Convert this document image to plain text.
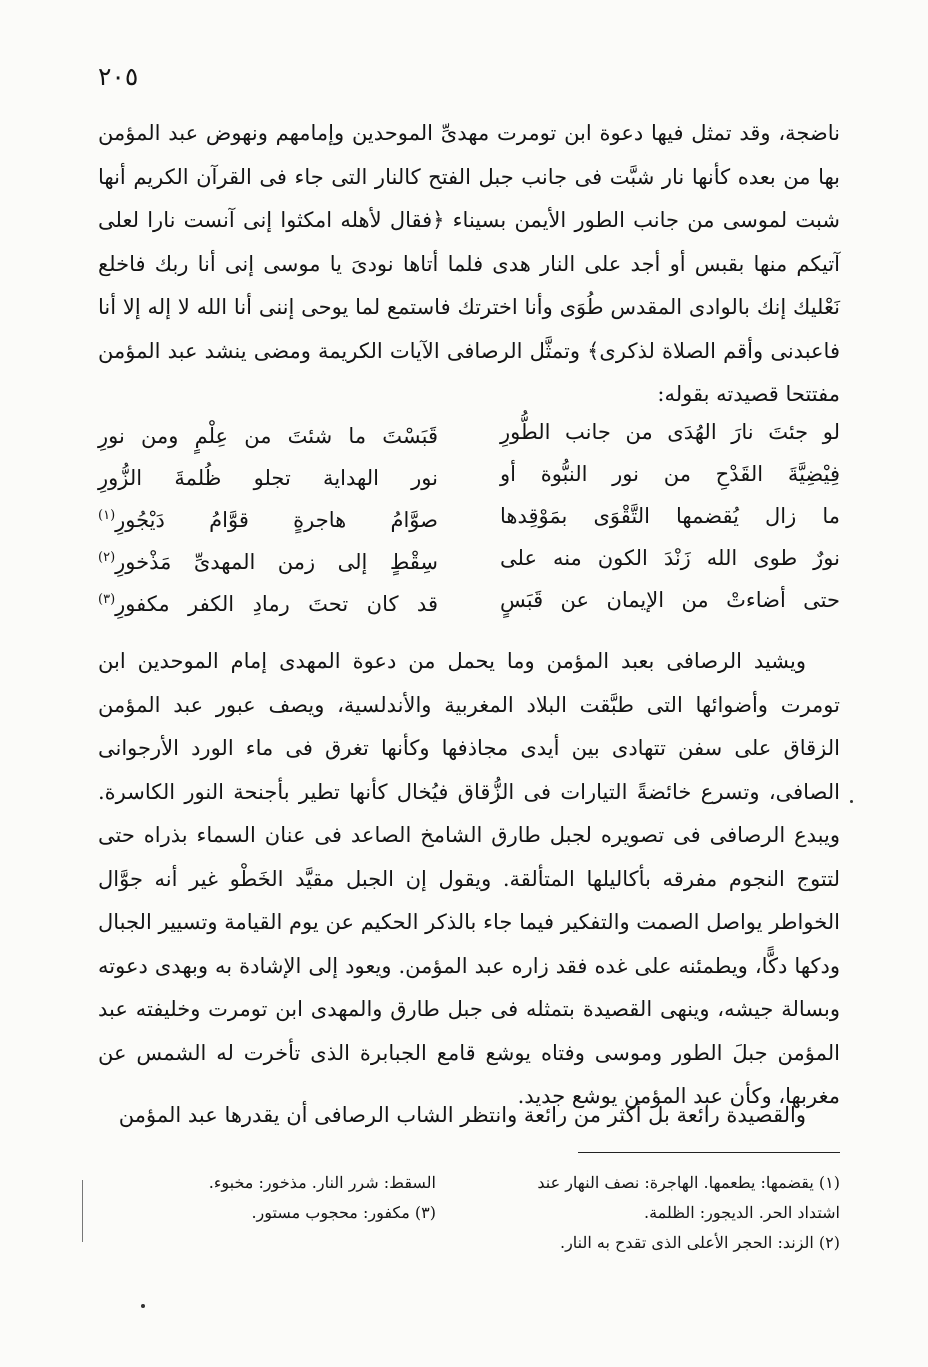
٢٠٥
ناضجة، وقد تمثل فيها دعوة ابن تومرت مهدىِّ الموحدين وإمامهم ونهوض عبد المؤمن بها من بعده كأنها نار شبَّت فى جانب جبل الفتح كالنار التى جاء فى القرآن الكريم أنها شبت لموسى من جانب الطور الأيمن بسيناء ﴿فقال لأهله امكثوا إنى آنست نارا لعلى آتيكم منها بقبس أو أجد على النار هدى فلما أتاها نودىَ يا موسى إنى أنا ربك فاخلع نَعْليك إنك بالوادى المقدس طُوَى وأنا اخترتك فاستمع لما يوحى إننى أنا الله لا إله إلا أنا فاعبدنى وأقم الصلاة لذكرى﴾ وتمثَّل الرصافى الآيات الكريمة ومضى ينشد عبد المؤمن مفتتحا قصيدته بقوله:
لو جئتَ نارَ الهُدَى من جانب الطُّورِ
قَبَسْتَ ما شئتَ من عِلْمٍ ومن نورِ
فِيْضِيَّةَ القَدْحِ من نور النبُّوة أو
نور الهداية تجلو ظُلمةَ الزُّورِ
ما زال يُقضمها التَّقْوَى بمَوْقِدها
صوَّامُ هاجرةٍ قوَّامُ دَيْجُورِ$^{(١)}$
نورٌ طوى الله زَنْدَ الكون منه على
سِقْطٍ إلى زمن المهدىِّ مَذْخورِ$^{(٢)}$
حتى أضاءتْ من الإيمان عن قَبَسٍ
قد كان تحتَ رمادِ الكفر مكفورِ$^{(٣)}$
ويشيد الرصافى بعبد المؤمن وما يحمل من دعوة المهدى إمام الموحدين ابن تومرت وأضوائها التى طبَّقت البلاد المغربية والأندلسية، ويصف عبور عبد المؤمن الزقاق على سفن تتهادى بين أيدى مجاذفها وكأنها تغرق فى ماء الورد الأرجوانى الصافى، وتسرع خائضةً التيارات فى الزُّقاق فيُخال كأنها تطير بأجنحة النور الكاسرة. ويبدع الرصافى فى تصويره لجبل طارق الشامخ الصاعد فى عنان السماء بذراه حتى لتتوج النجوم مفرقه بأكاليلها المتألقة. ويقول إن الجبل مقيَّد الخَطْو غير أنه جوَّال الخواطر يواصل الصمت والتفكير فيما جاء بالذكر الحكيم عن يوم القيامة وتسيير الجبال ودكها دكًّا، ويطمئنه على غده فقد زاره عبد المؤمن. ويعود إلى الإشادة به وبهدى دعوته وبسالة جيشه، وينهى القصيدة بتمثله فى جبل طارق والمهدى ابن تومرت وخليفته عبد المؤمن جبلَ الطور وموسى وفتاه يوشع قامع الجبابرة الذى تأخرت له الشمس عن مغربها، وكأن عبد المؤمن يوشع جديد.
والقصيدة رائعة بل أكثر من رائعة وانتظر الشاب الرصافى أن يقدرها عبد المؤمن
(١) يقضمها: يطعمها. الهاجرة: نصف النهار عند
اشتداد الحر. الديجور: الظلمة.
(٢) الزند: الحجر الأعلى الذى تقدح به النار.
السقط: شرر النار. مذخور: مخبوء.
(٣) مكفور: محجوب مستور.
